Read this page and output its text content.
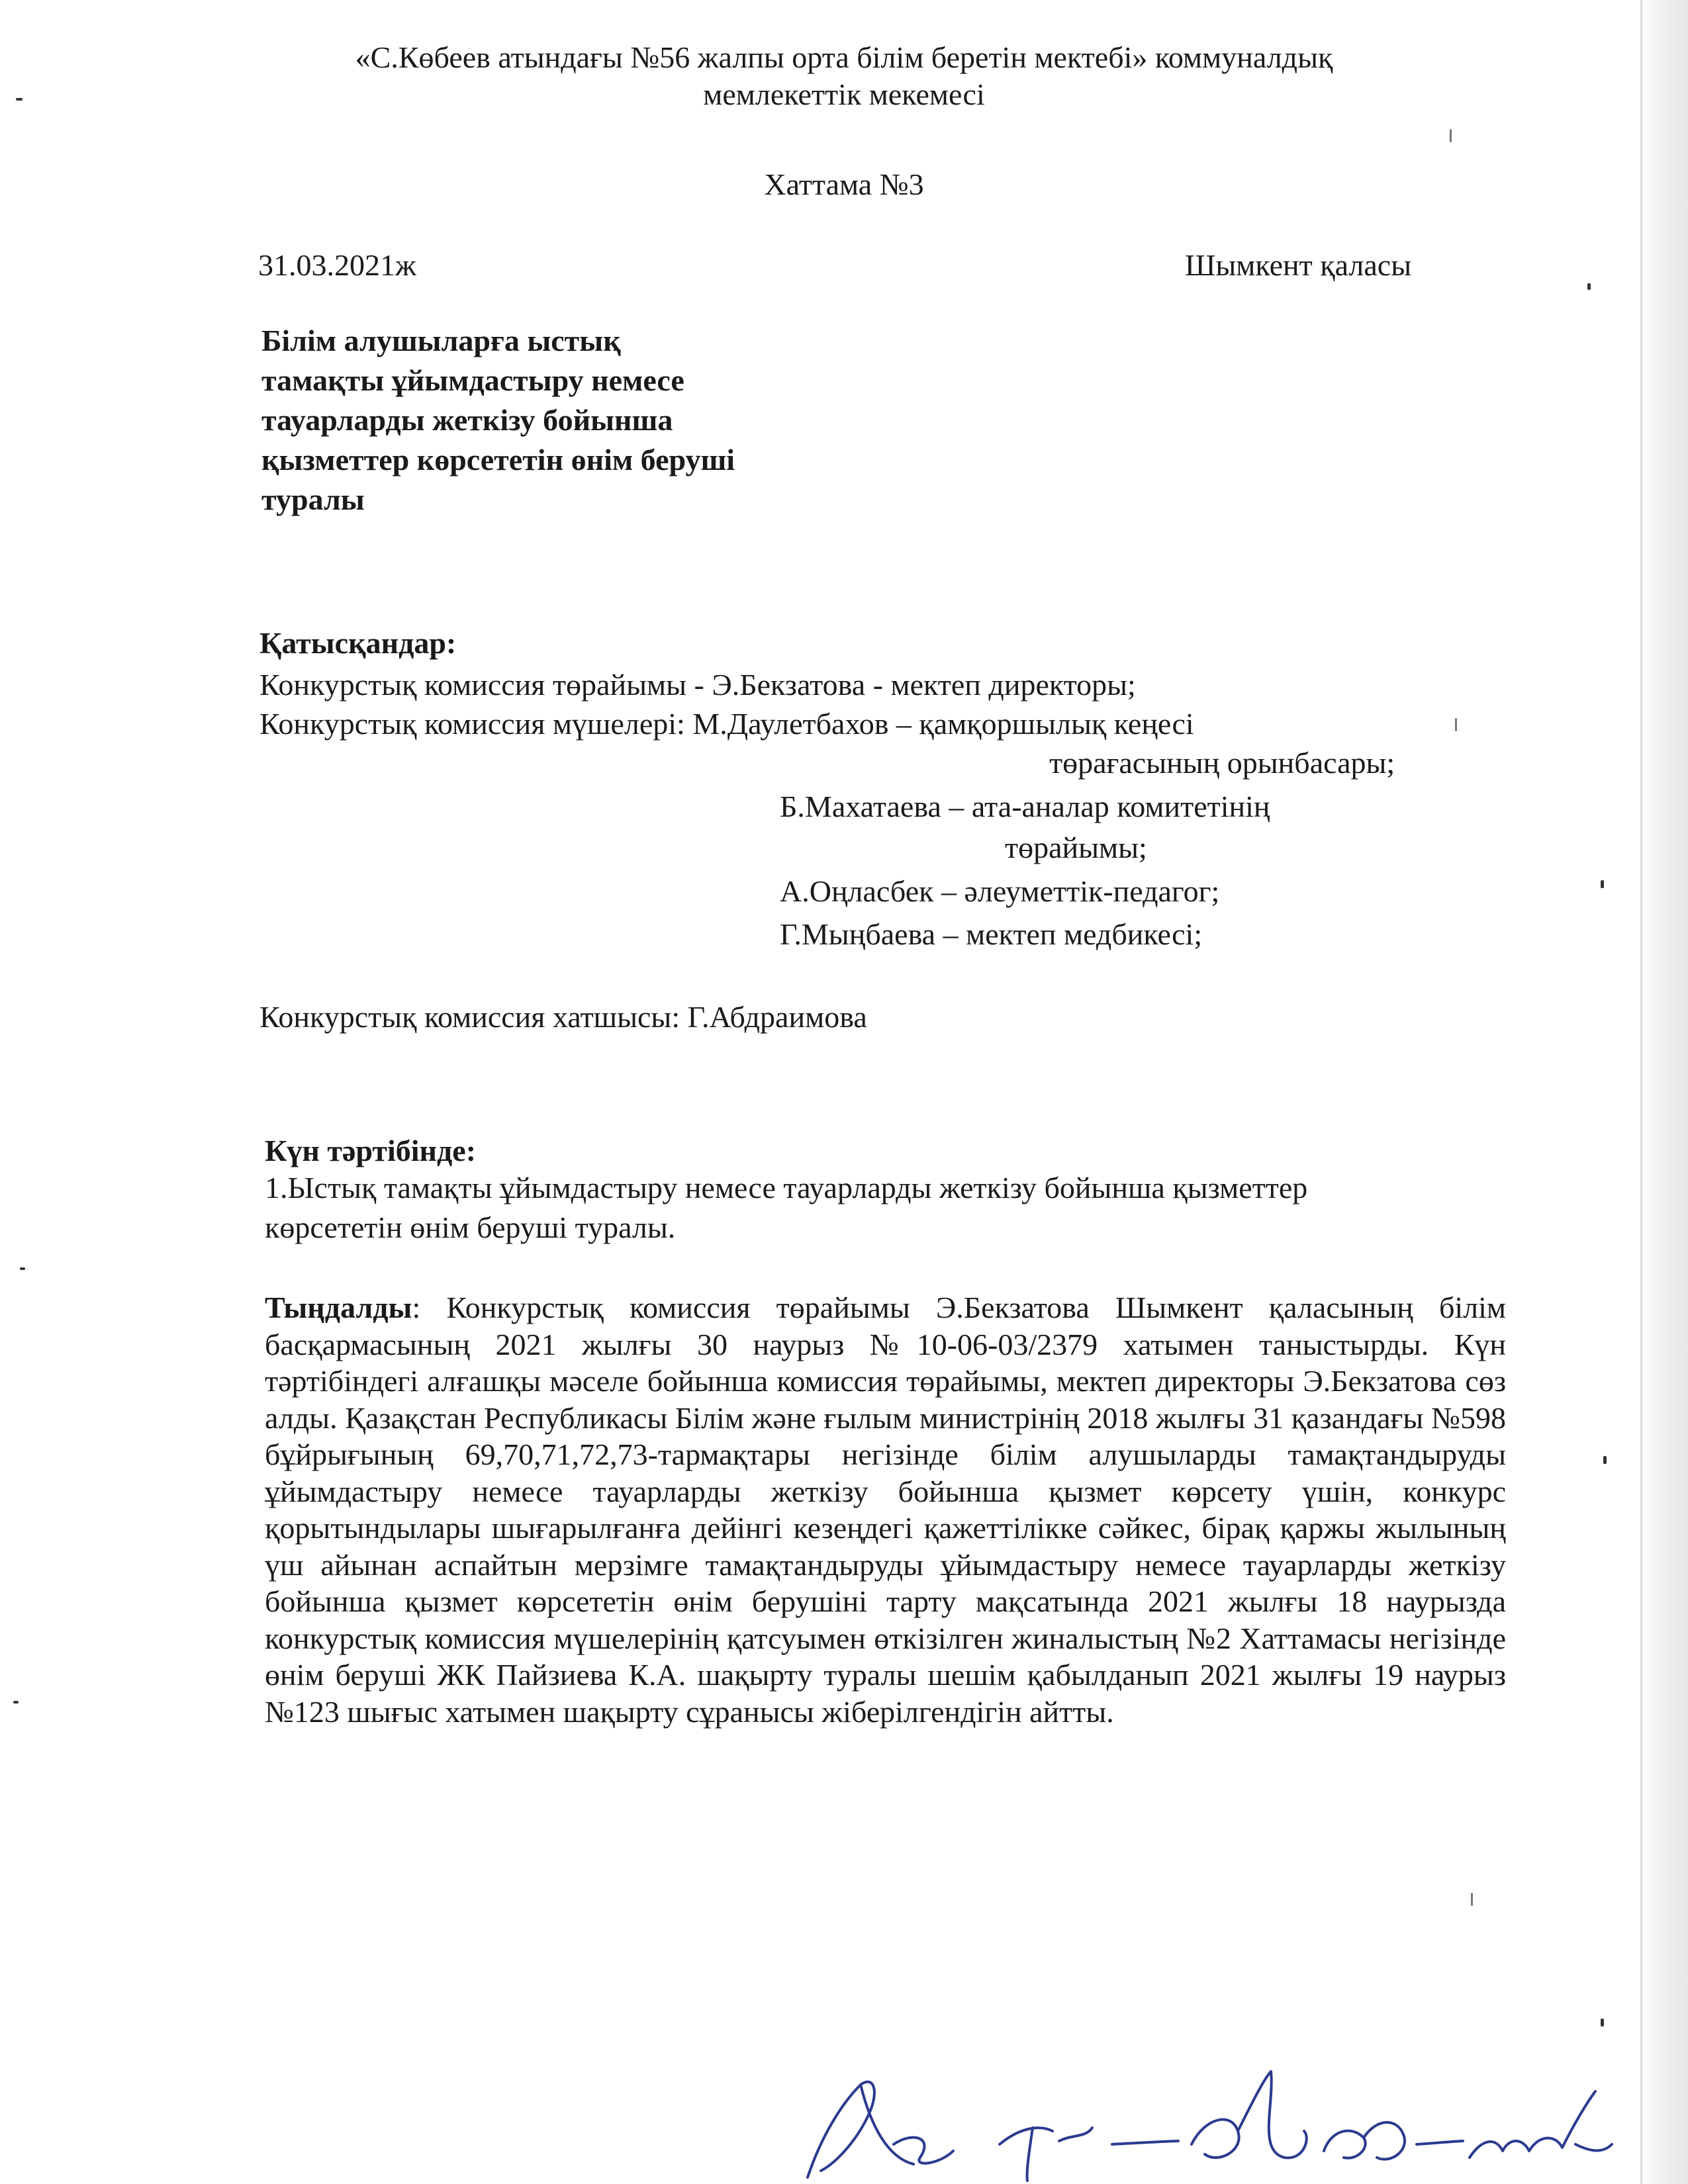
«С.Көбеев атындағы №56 жалпы орта білім беретін мектебі» коммуналдық
мемлекеттік мекемесі
Хаттама №3
31.03.2021ж	Шымкент қаласы
Білім алушыларға ыстық
тамақты ұйымдастыру немесе
тауарларды жеткізу бойынша
қызметтер көрсететін өнім беруші
туралы
Қатысқандар:
Конкурстық комиссия төрайымы - Э.Бекзатова - мектеп директоры;
Конкурстық комиссия мүшелері: М.Даулетбахов – қамқоршылық кеңесі
төрағасының орынбасары;
Б.Махатаева – ата-аналар комитетінің
төрайымы;
А.Оңласбек – әлеуметтік-педагог;
Г.Мыңбаева – мектеп медбикесі;
Конкурстық комиссия хатшысы: Г.Абдраимова
Күн тәртібінде:
1.Ыстық тамақты ұйымдастыру немесе тауарларды жеткізу бойынша қызметтер
көрсететін өнім беруші туралы.
Тыңдалды: Конкурстық комиссия төрайымы Э.Бекзатова Шымкент қаласының білім басқармасының 2021 жылғы 30 наурыз №10-06-03/2379 хатымен таныстырды. Күн тәртібіндегі алғашқы мәселе бойынша комиссия төрайымы, мектеп директоры Э.Бекзатова сөз алды. Қазақстан Республикасы Білім және ғылым министрінің 2018 жылғы 31 қазандағы №598 бұйрығының 69,70,71,72,73-тармақтары негізінде білім алушыларды тамақтандыруды ұйымдастыру немесе тауарларды жеткізу бойынша қызмет көрсету үшін, конкурс қорытындылары шығарылғанға дейінгі кезеңдегі қажеттілікке сәйкес, бірақ қаржы жылының үш айынан аспайтын мерзімге тамақтандыруды ұйымдастыру немесе тауарларды жеткізу бойынша қызмет көрсететін өнім берушіні тарту мақсатында 2021 жылғы 18 наурызда конкурстық комиссия мүшелерінің қатсуымен өткізілген жиналыстың №2 Хаттамасы негізінде өнім беруші ЖК Пайзиева К.А. шақырту туралы шешім қабылданып 2021 жылғы 19 наурыз №123 шығыс хатымен шақырту сұранысы жіберілгендігін айтты.
